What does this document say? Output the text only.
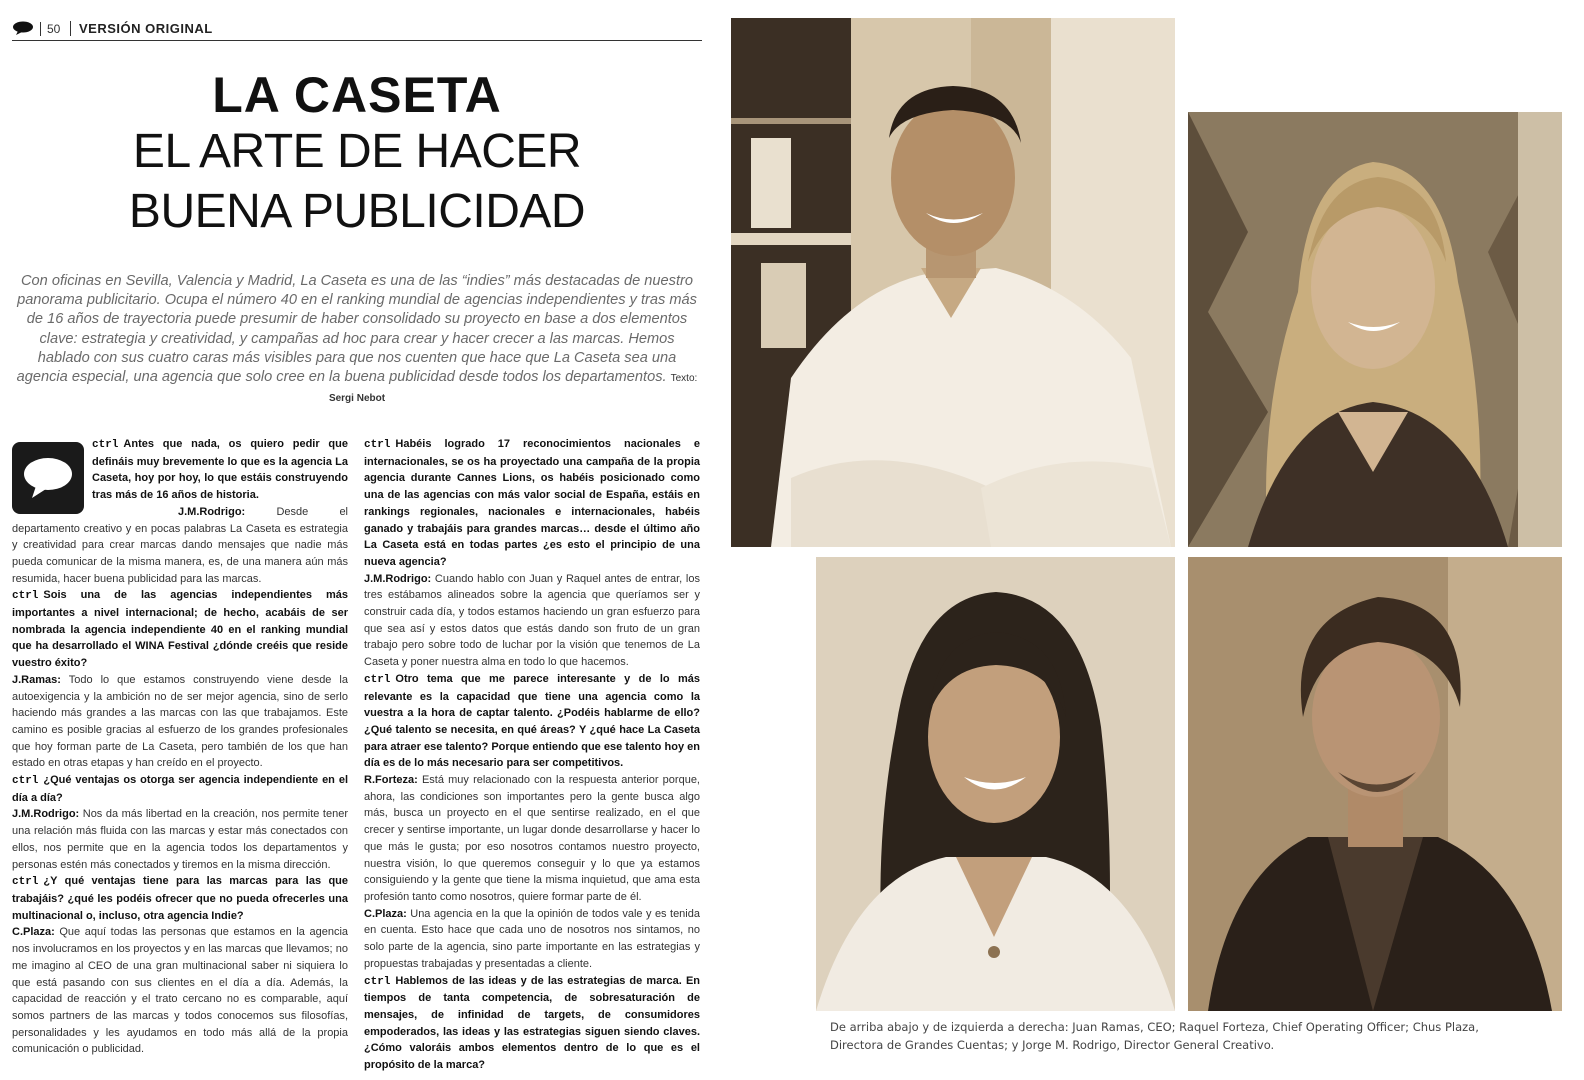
50	VERSIÓN ORIGINAL
LA CASETA
EL ARTE DE HACER
BUENA PUBLICIDAD
Con oficinas en Sevilla, Valencia y Madrid, La Caseta es una de las “indies” más destacadas de nuestro panorama publicitario. Ocupa el número 40 en el ranking mundial de agencias independientes y tras más de 16 años de trayectoria puede presumir de haber consolidado su proyecto en base a dos elementos clave: estrategia y creatividad, y campañas ad hoc para crear y hacer crecer a las marcas. Hemos hablado con sus cuatro caras más visibles para que nos cuenten que hace que La Caseta sea una agencia especial, una agencia que solo cree en la buena publicidad desde todos los departamentos. Texto: Sergi Nebot

ctrl Antes que nada, os quiero pedir que defináis muy brevemente lo que es la agencia La Caseta, hoy por hoy, lo que estáis construyendo tras más de 16 años de historia.

J.M.Rodrigo:	Desde el departamento creativo y en pocas palabras La Caseta es estrategia y creatividad para crear marcas dando mensajes que nadie más pueda comunicar de la misma manera, es, de una manera aún más resumida, hacer buena publicidad para las marcas.

ctrl Sois una de las agencias independientes más importantes a nivel internacional; de hecho, acabáis de ser nombrada la agencia independiente 40 en el ranking mundial que ha desarrollado el WINA Festival ¿dónde creéis que reside vuestro éxito?

J.Ramas: Todo lo que estamos construyendo viene desde la autoexigencia y la ambición no de ser mejor agencia, sino de serlo haciendo más grandes a las marcas con las que trabajamos. Este camino es posible gracias al esfuerzo de los grandes profesionales que hoy forman parte de La Caseta, pero también de los que han estado en otras etapas y han creído en el proyecto.

ctrl ¿Qué ventajas os otorga ser agencia independiente en el día a día?

J.M.Rodrigo: Nos da más libertad en la creación, nos permite tener una relación más fluida con las marcas y estar más conectados con ellos, nos permite que en la agencia todos los departamentos y personas estén más conectados y tiremos en la misma dirección.

ctrl ¿Y qué ventajas tiene para las marcas para las que trabajáis? ¿qué les podéis ofrecer que no pueda ofrecerles una multinacional o, incluso, otra agencia Indie?

C.Plaza: Que aquí todas las personas que estamos en la agencia nos involucramos en los proyectos y en las marcas que llevamos; no me imagino al CEO de una gran multinacional saber ni siquiera lo que está pasando con sus clientes en el día a día. Además, la capacidad de reacción y el trato cercano no es comparable, aquí somos partners de las marcas y todos conocemos sus filosofías, personalidades y les ayudamos en todo más allá de la propia comunicación o publicidad.

ctrl Habéis logrado 17 reconocimientos nacionales e internacionales, se os ha proyectado una campaña de la propia agencia durante Cannes Lions, os habéis posicionado como una de las agencias con más valor social de España, estáis en rankings regionales, nacionales e internacionales, habéis ganado y trabajáis para grandes marcas… desde el último año La Caseta está en todas partes ¿es esto el principio de una nueva agencia?

J.M.Rodrigo: Cuando hablo con Juan y Raquel antes de entrar, los tres estábamos alineados sobre la agencia que queríamos ser y construir cada día, y todos estamos haciendo un gran esfuerzo para que sea así y estos datos que estás dando son fruto de un gran trabajo pero sobre todo de luchar por la visión que tenemos de La Caseta y poner nuestra alma en todo lo que hacemos.

ctrl Otro tema que me parece interesante y de lo más relevante es la capacidad que tiene una agencia como la vuestra a la hora de captar talento. ¿Podéis hablarme de ello? ¿Qué talento se necesita, en qué áreas? Y ¿qué hace La Caseta para atraer ese talento? Porque entiendo que ese talento hoy en día es de lo más necesario para ser competitivos.

R.Forteza: Está muy relacionado con la respuesta anterior porque, ahora, las condiciones son importantes pero la gente busca algo más, busca un proyecto en el que sentirse realizado, en el que crecer y sentirse importante, un lugar donde desarrollarse y hacer lo que más le gusta; por eso nosotros contamos nuestro proyecto, nuestra visión, lo que queremos conseguir y lo que ya estamos consiguiendo y la gente que tiene la misma inquietud, que ama esta profesión tanto como nosotros, quiere formar parte de él.

C.Plaza: Una agencia en la que la opinión de todos vale y es tenida en cuenta. Esto hace que cada uno de nosotros nos sintamos, no solo parte de la agencia, sino parte importante en las estrategias y propuestas trabajadas y presentadas a cliente.

ctrl Hablemos de las ideas y de las estrategias de marca. En tiempos de tanta competencia, de sobresaturación de mensajes, de infinidad de targets, de consumidores empoderados, las ideas y las estrategias siguen siendo claves. ¿Cómo valoráis ambos elementos dentro de lo que es el propósito de la marca?

De arriba abajo y de izquierda a derecha: Juan Ramas, CEO; Raquel Forteza, Chief Operating Officer; Chus Plaza, Directora de Grandes Cuentas; y Jorge M. Rodrigo, Director General Creativo.
